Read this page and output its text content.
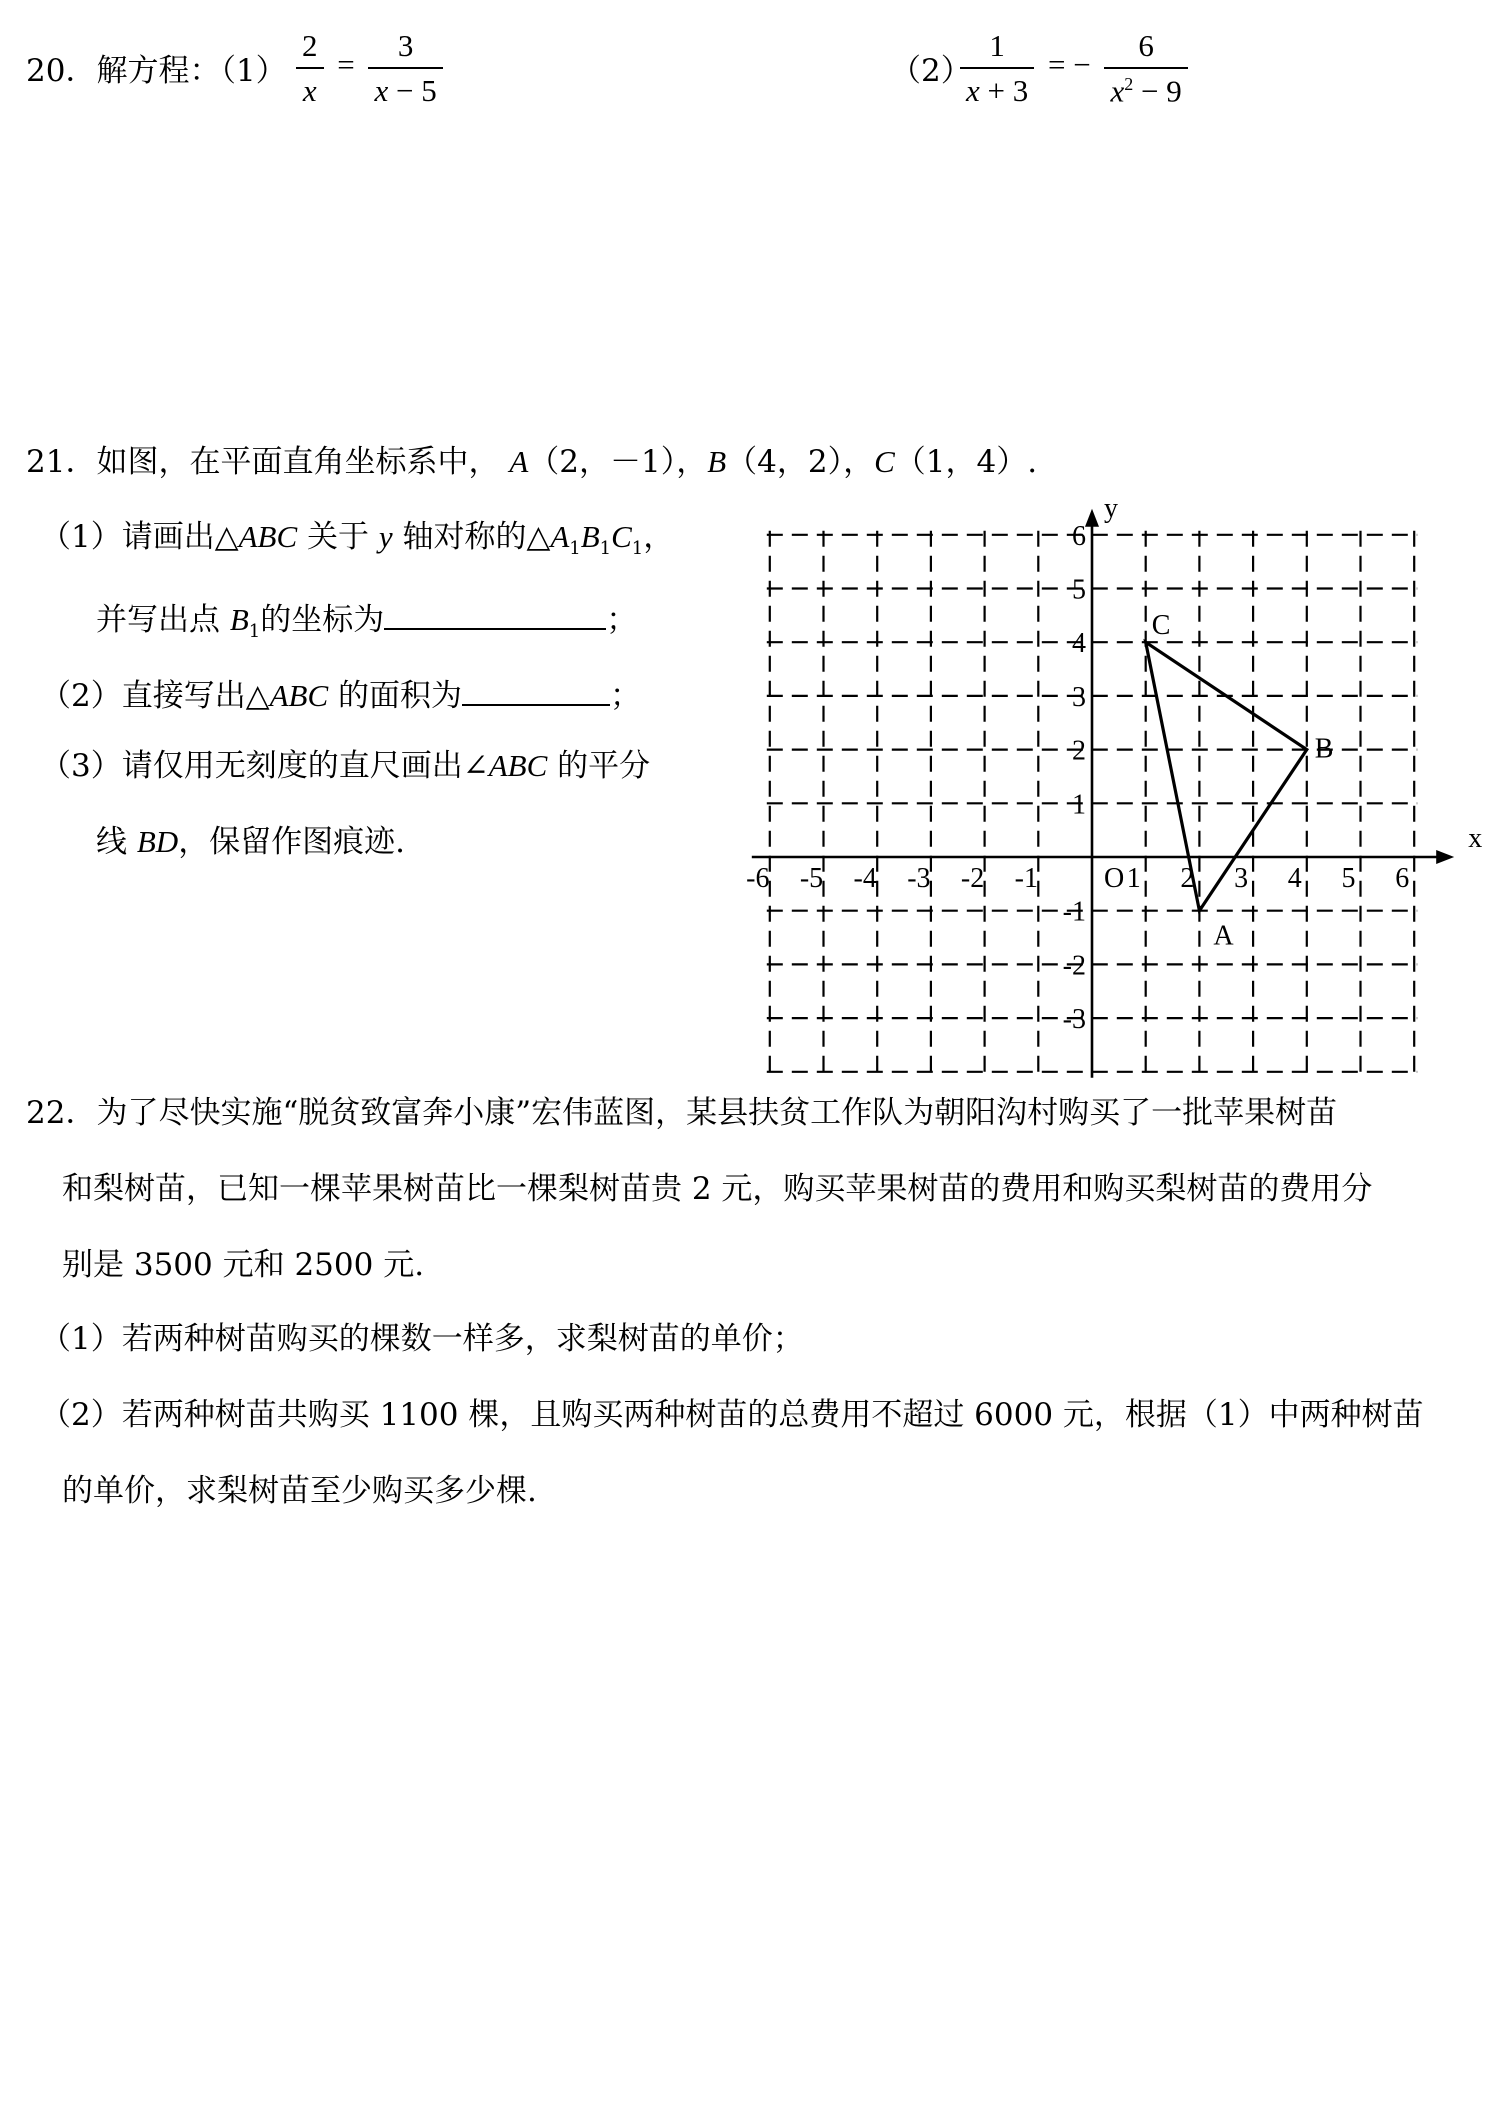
20．解方程：$(1) \frac{2}{x} = \frac{3}{x - 5}$	（2）
$\frac{1}{x + 3}$ = − $\frac{6}{x^2 - 9}$
21．如图，在平面直角坐标系中， A（2，－1），B（4，2），C（1，4）.
（1）请画出△ABC 关于 y 轴对称的$\triangle A_1B_1C_1$，
并写出点 $B_1$的坐标为	；
（2）直接写出△ABC 的面积为	；
（3）请仅用无刻度的直尺画出∠ABC 的平分
线 BD，保留作图痕迹.	x
y
O
-6 -5 -4 -3 -2 -1	1 2 3 4 5 6
6
5
4
3
2
1
-1
-2
-3
A
B
C
22．为了尽快实施“脱贫致富奔小康”宏伟蓝图，某县扶贫工作队为朝阳沟村购买了一批苹果树苗
和梨树苗，已知一棵苹果树苗比一棵梨树苗贵 2 元，购买苹果树苗的费用和购买梨树苗的费用分
别是 3500 元和 2500 元.
（1）若两种树苗购买的棵数一样多，求梨树苗的单价；
（2）若两种树苗共购买 1100 棵，且购买两种树苗的总费用不超过 6000 元，根据（1）中两种树苗
的单价，求梨树苗至少购买多少棵.
